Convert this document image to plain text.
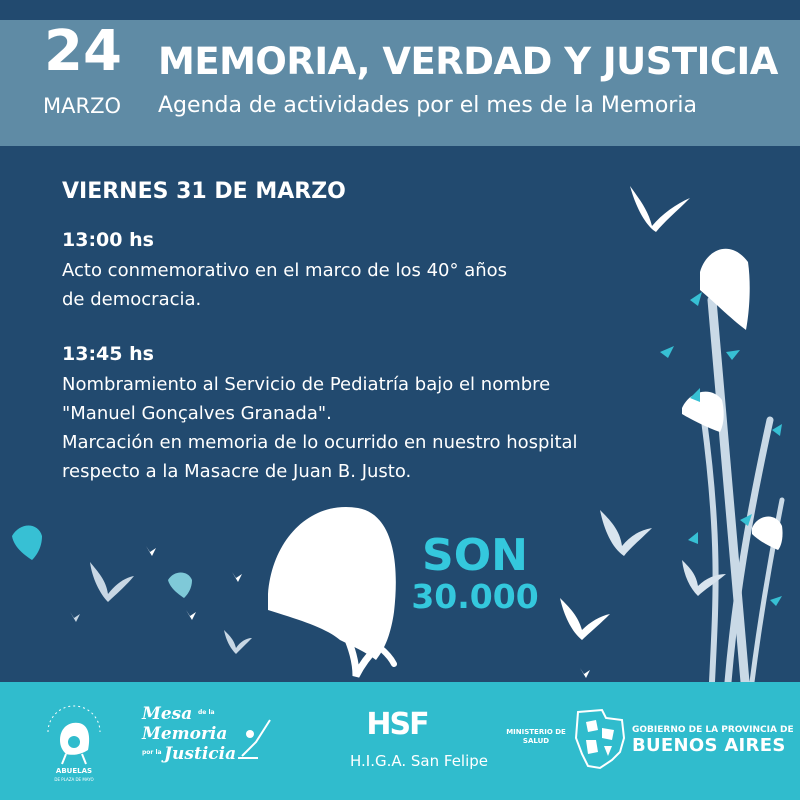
24
MARZO
MEMORIA, VERDAD Y JUSTICIA
Agenda de actividades por el mes de la Memoria
VIERNES 31 DE MARZO
13:00 hs
Acto conmemorativo en el marco de los 40° años
de democracia.
13:45 hs
Nombramiento al Servicio de Pediatría bajo el nombre
"Manuel Gonçalves Granada".
Marcación en memoria de lo ocurrido en nuestro hospital
respecto a la Masacre de Juan B. Justo.
SON
30.000
ABUELAS
DE PLAZA DE MAYO
Mesa de la
Memoria
por la Justicia
HSF
H.I.G.A. San Felipe
MINISTERIO DE SALUD
GOBIERNO DE LA PROVINCIA DE
BUENOS AIRES
